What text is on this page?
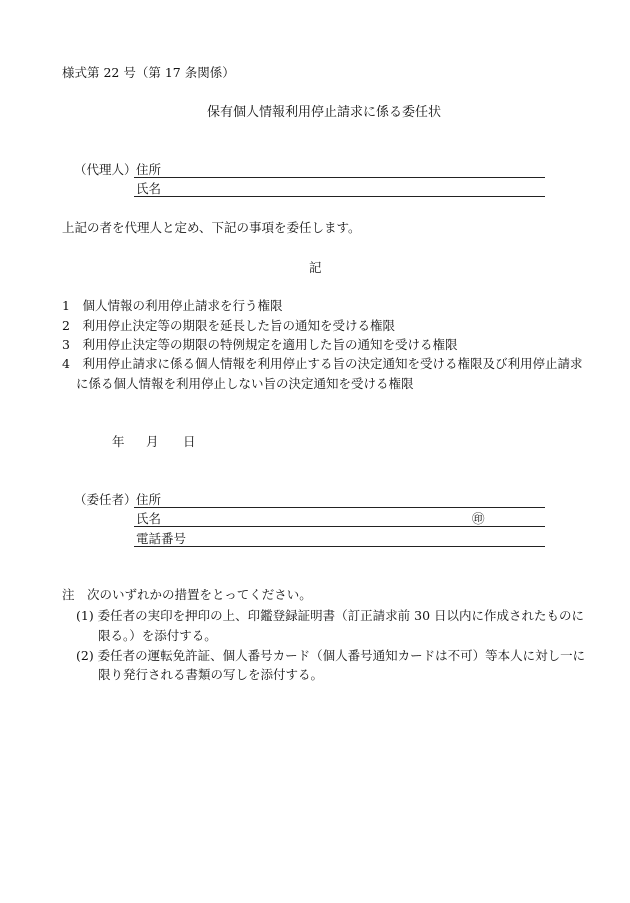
様式第 22 号（第 17 条関係）
保有個人情報利用停止請求に係る委任状
（代理人） 住所
氏名
上記の者を代理人と定め、下記の事項を委任します。
記
1　個人情報の利用停止請求を行う権限
2　利用停止決定等の期限を延長した旨の通知を受ける権限
3　利用停止決定等の期限の特例規定を適用した旨の通知を受ける権限
4　利用停止請求に係る個人情報を利用停止する旨の決定通知を受ける権限及び利用停止請求
に係る個人情報を利用停止しない旨の決定通知を受ける権限
年 月 日
（委任者） 住所
氏名	㊞
電話番号
注　次のいずれかの措置をとってください。
(1) 委任者の実印を押印の上、印鑑登録証明書（訂正請求前 30 日以内に作成されたものに
限る。）を添付する。
(2) 委任者の運転免許証、個人番号カード（個人番号通知カードは不可）等本人に対し一に
限り発行される書類の写しを添付する。
